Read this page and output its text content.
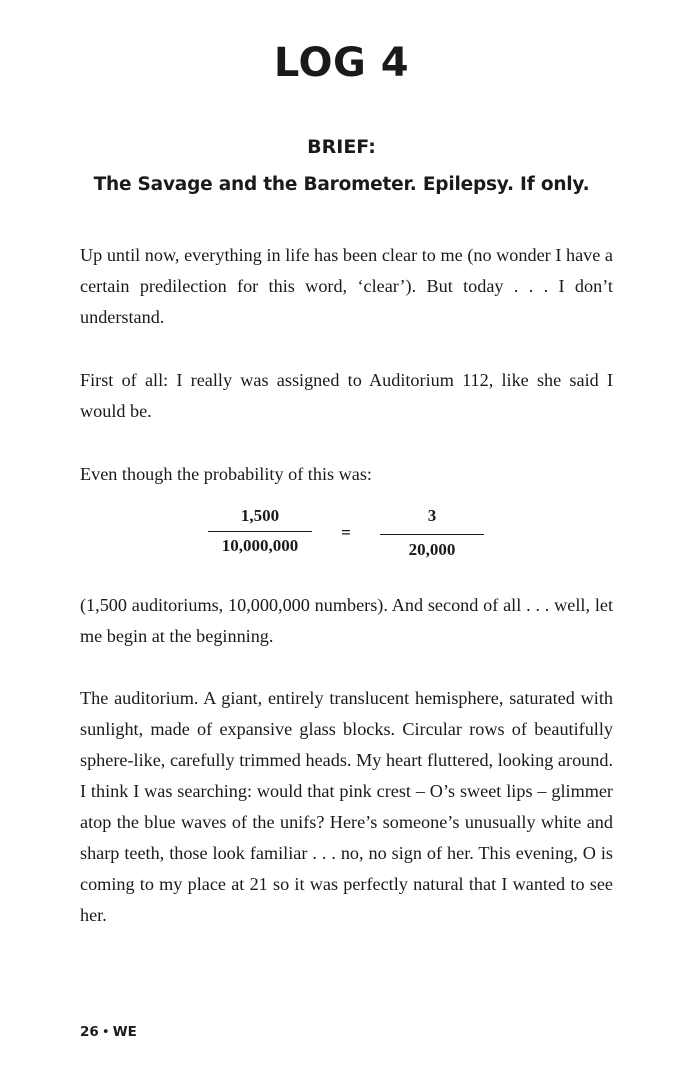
LOG 4
BRIEF:
The Savage and the Barometer. Epilepsy. If only.

Up until now, everything in life has been clear to me (no wonder I have a certain predilection for this word, ‘clear’). But today . . . I don’t understand.

First of all: I really was assigned to Auditorium 112, like she said I would be.

Even though the probability of this was:

$\frac{1,500}{10,000,000}$	=	$\frac{3}{20,000}$

(1,500 auditoriums, 10,000,000 numbers). And second of all . . . well, let me begin at the beginning.

The auditorium. A giant, entirely translucent hemisphere, saturated with sunlight, made of expansive glass blocks. Circular rows of beautifully sphere-like, carefully trimmed heads. My heart fluttered, looking around. I think I was searching: would that pink crest – O’s sweet lips – glimmer atop the blue waves of the unifs? Here’s someone’s unusually white and sharp teeth, those look familiar . . . no, no sign of her. This evening, O is coming to my place at 21 so it was perfectly natural that I wanted to see her.

26 • WE
